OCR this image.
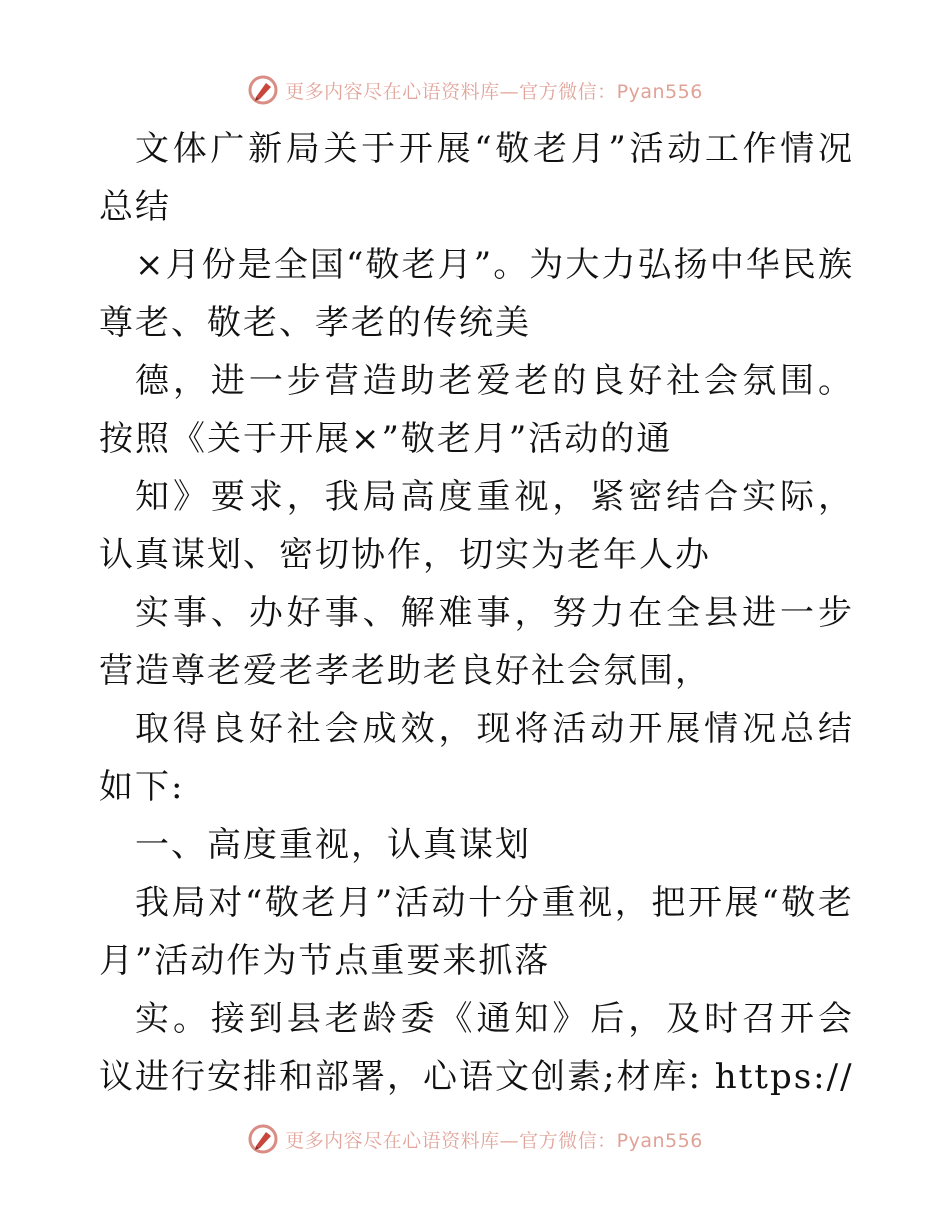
更多内容尽在心语资料库—官方微信：Pyan556

文体广新局关于开展“敬老月”活动工作情况总结

×月份是全国“敬老月”。为大力弘扬中华民族尊老、敬老、孝老的传统美

德，进一步营造助老爱老的良好社会氛围。按照《关于开展×”敬老月”活动的通

知》要求，我局高度重视，紧密结合实际，认真谋划、密切协作，切实为老年人办

实事、办好事、解难事，努力在全县进一步营造尊老爱老孝老助老良好社会氛围，

取得良好社会成效，现将活动开展情况总结如下:

一、高度重视，认真谋划

我局对“敬老月”活动十分重视，把开展“敬老月”活动作为节点重要来抓落

实。接到县老龄委《通知》后，及时召开会议进行安排和部署，心语文创素;材库: https://

更多内容尽在心语资料库—官方微信：Pyan556
